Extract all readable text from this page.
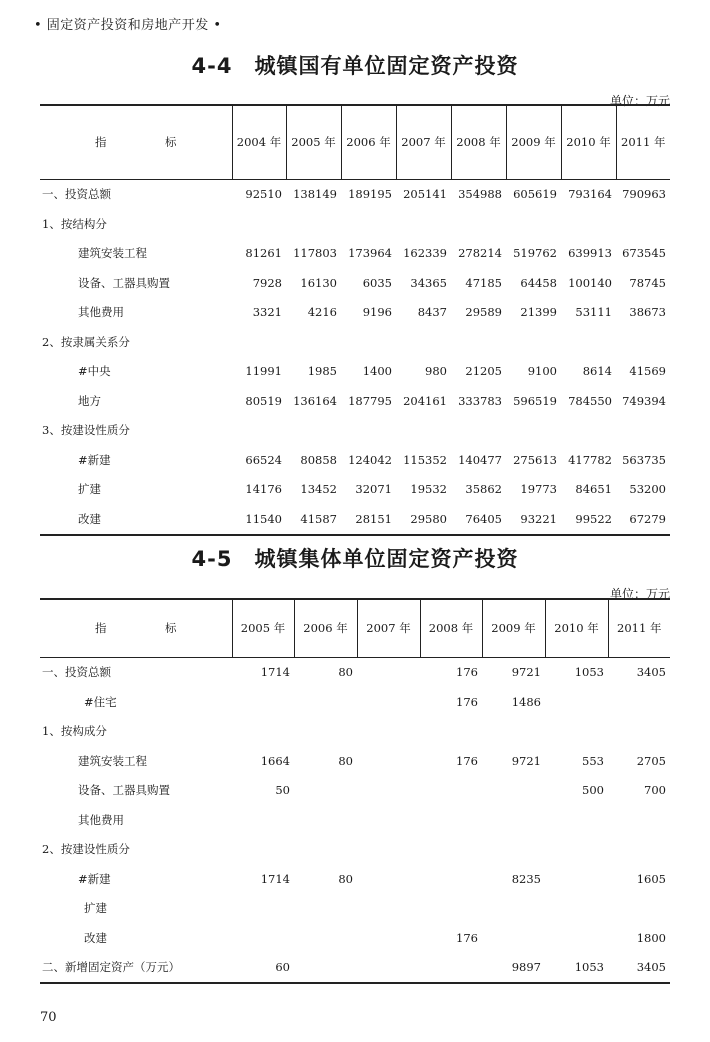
• 固定资产投资和房地产开发 •
4-4 城镇国有单位固定资产投资
单位：万元
指 标	2004 年	2005 年	2006 年	2007 年	2008 年	2009 年	2010 年	2011 年
一、投资总额	92510	138149	189195	205141	354988	605619	793164	790963
1、按结构分								
建筑安装工程	81261	117803	173964	162339	278214	519762	639913	673545
设备、工器具购置	7928	16130	6035	34365	47185	64458	100140	78745
其他费用	3321	4216	9196	8437	29589	21399	53111	38673
2、按隶属关系分								
#中央	11991	1985	1400	980	21205	9100	8614	41569
地方	80519	136164	187795	204161	333783	596519	784550	749394
3、按建设性质分								
#新建	66524	80858	124042	115352	140477	275613	417782	563735
扩建	14176	13452	32071	19532	35862	19773	84651	53200
改建	11540	41587	28151	29580	76405	93221	99522	67279
4-5 城镇集体单位固定资产投资
单位：万元
指 标	2005 年	2006 年	2007 年	2008 年	2009 年	2010 年	2011 年
一、投资总额	1714	80		176	9721	1053	3405
#住宅				176	1486		
1、按构成分							
建筑安装工程	1664	80		176	9721	553	2705
设备、工器具购置	50					500	700
其他费用							
2、按建设性质分							
#新建	1714	80			8235		1605
扩建							
改建				176			1800
二、新增固定资产（万元）	60				9897	1053	3405
70
